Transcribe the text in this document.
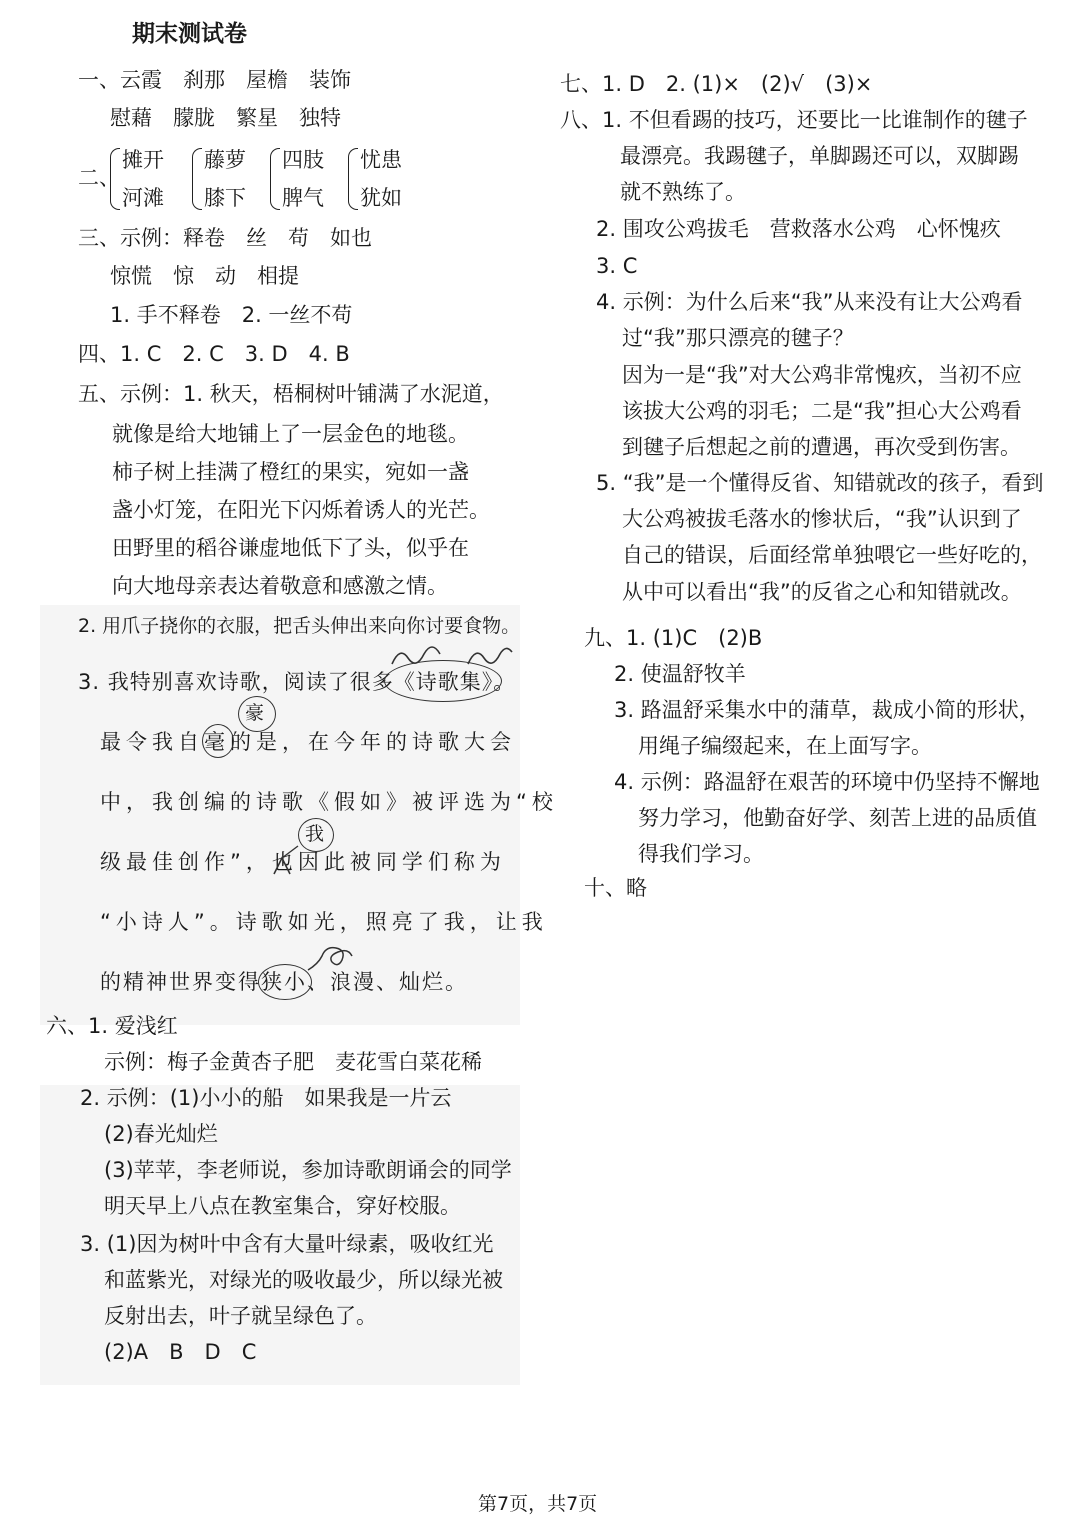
期末测试卷
一、云霞　刹那　屋檐　装饰
慰藉　朦胧　繁星　独特
二、
摊开
河滩
藤萝
膝下
四肢
脾气
忧患
犹如
三、示例：释卷　丝　苟　如也
惊慌　惊　动　相提
1. 手不释卷　2. 一丝不苟
四、1. C　2. C　3. D　4. B
五、示例：1. 秋天，梧桐树叶铺满了水泥道，
就像是给大地铺上了一层金色的地毯。
柿子树上挂满了橙红的果实，宛如一盏
盏小灯笼，在阳光下闪烁着诱人的光芒。
田野里的稻谷谦虚地低下了头，似乎在
向大地母亲表达着敬意和感激之情。
2. 用爪子挠你的衣服，把舌头伸出来向你讨要食物。
3. 我特别喜欢诗歌，阅读了很多《诗歌集》。
最令我自毫的是，在今年的诗歌大会
豪
中，我创编的诗歌《假如》被评选为“校
级最佳创作”，也因此被同学们称为
我
“小诗人”。诗歌如光，照亮了我，让我
的精神世界变得狭小、浪漫、灿烂。
六、1. 爱浅红
示例：梅子金黄杏子肥　麦花雪白菜花稀
2. 示例：(1)小小的船　如果我是一片云
(2)春光灿烂
(3)苹苹，李老师说，参加诗歌朗诵会的同学
明天早上八点在教室集合，穿好校服。
3. (1)因为树叶中含有大量叶绿素，吸收红光
和蓝紫光，对绿光的吸收最少，所以绿光被
反射出去，叶子就呈绿色了。
(2)A　B　D　C
七、1. D　2. (1)×　(2)√　(3)×
八、1. 不但看踢的技巧，还要比一比谁制作的毽子
最漂亮。我踢毽子，单脚踢还可以，双脚踢
就不熟练了。
2. 围攻公鸡拔毛　营救落水公鸡　心怀愧疚
3. C
4. 示例：为什么后来“我”从来没有让大公鸡看
过“我”那只漂亮的毽子？
因为一是“我”对大公鸡非常愧疚，当初不应
该拔大公鸡的羽毛；二是“我”担心大公鸡看
到毽子后想起之前的遭遇，再次受到伤害。
5. “我”是一个懂得反省、知错就改的孩子，看到
大公鸡被拔毛落水的惨状后，“我”认识到了
自己的错误，后面经常单独喂它一些好吃的，
从中可以看出“我”的反省之心和知错就改。
九、1. (1)C　(2)B
2. 使温舒牧羊
3. 路温舒采集水中的蒲草，裁成小简的形状，
用绳子编缀起来，在上面写字。
4. 示例：路温舒在艰苦的环境中仍坚持不懈地
努力学习，他勤奋好学、刻苦上进的品质值
得我们学习。
十、略
第7页，共7页
